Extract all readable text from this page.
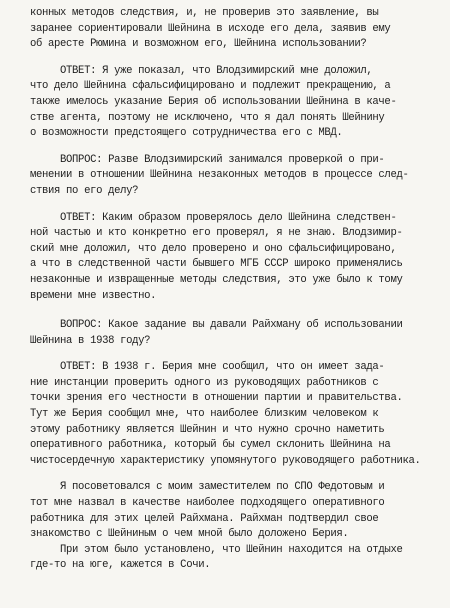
конных методов следствия, и, не проверив это заявление, вы
заранее сориентировали Шейнина в исходе его дела, заявив ему
об аресте Рюмина и возможном его, Шейнина использовании?
ОТВЕТ: Я уже показал, что Влодзимирский мне доложил,
что дело Шейнина сфальсифицировано и подлежит прекращению, а
также имелось указание Берия об использовании Шейнина в каче-
стве агента, поэтому не исключено, что я дал понять Шейнину
о возможности предстоящего сотрудничества его с МВД.
ВОПРОС: Разве Влодзимирский занимался проверкой о при-
менении в отношении Шейнина незаконных методов в процессе след-
ствия по его делу?
ОТВЕТ: Каким образом проверялось дело Шейнина следствен-
ной частью и кто конкретно его проверял, я не знаю. Влодзимир-
ский мне доложил, что дело проверено и оно сфальсифицировано,
а что в следственной части бывшего МГБ СССР широко применялись
незаконные и извращенные методы следствия, это уже было к тому
времени мне известно.
ВОПРОС: Какое задание вы давали Райхману об использовании
Шейнина в 1938 году?
ОТВЕТ: В 1938 г. Берия мне сообщил, что он имеет зада-
ние инстанции проверить одного из руководящих работников с
точки зрения его честности в отношении партии и правительства.
Тут же Берия сообщил мне, что наиболее близким человеком к
этому работнику является Шейнин и что нужно срочно наметить
оперативного работника, который бы сумел склонить Шейнина на
чистосердечную характеристику упомянутого руководящего работника.
Я посоветовался с моим заместителем по СПО Федотовым и
тот мне назвал в качестве наиболее подходящего оперативного
работника для этих целей Райхмана. Райхман подтвердил свое
знакомство с Шейниным о чем мной было доложено Берия.
При этом было установлено, что Шейнин находится на отдыхе
где-то на юге, кажется в Сочи.
